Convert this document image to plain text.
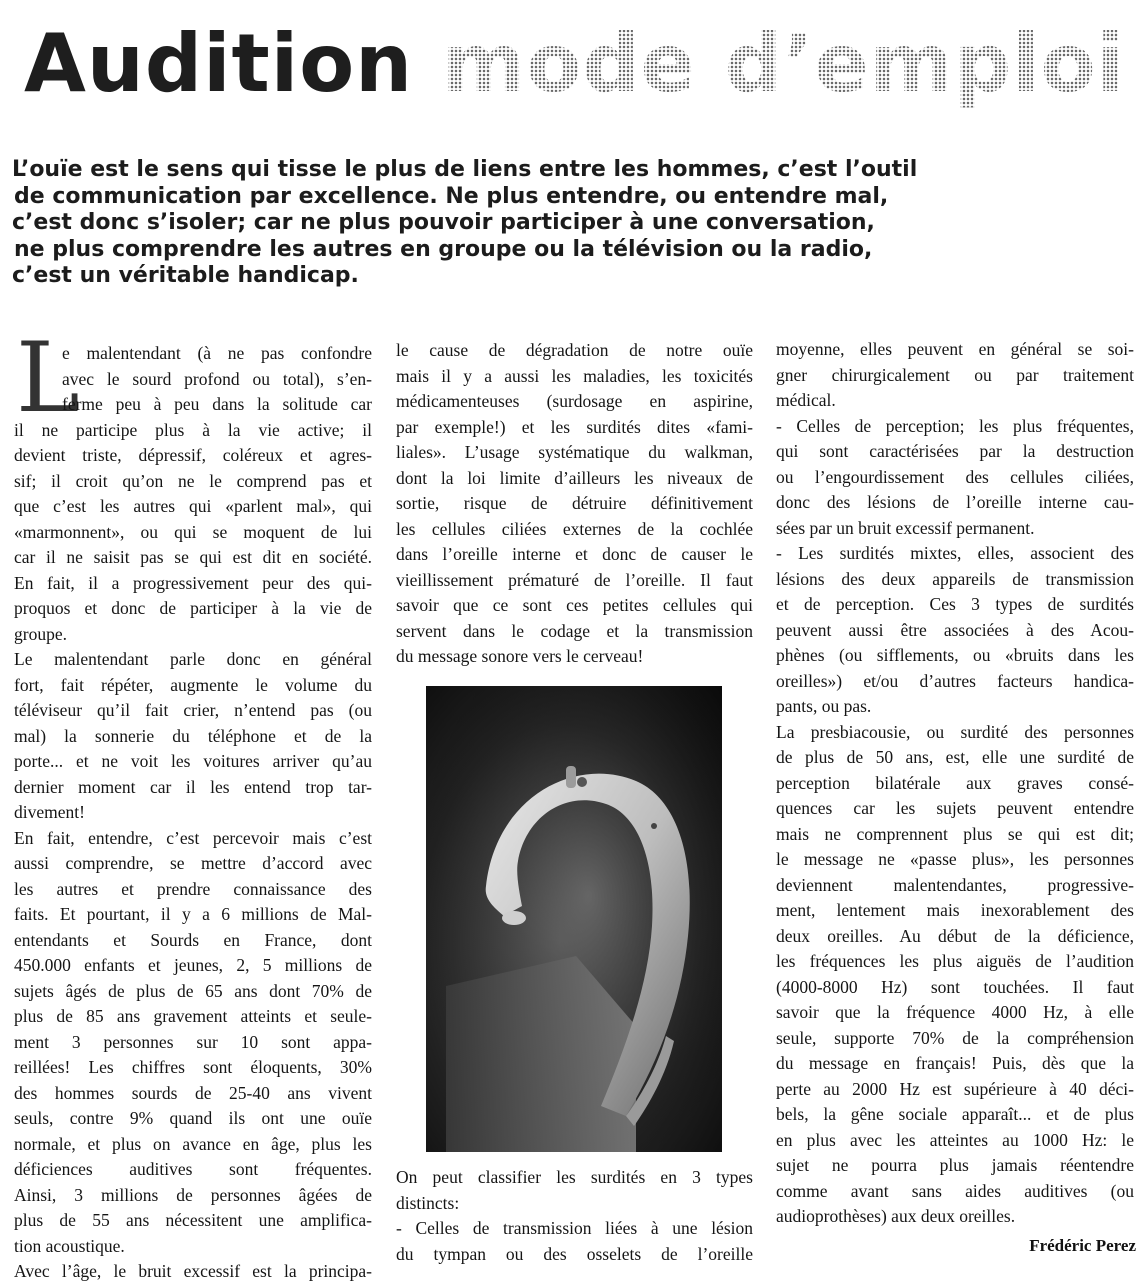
Audition mode d’emploi

L’ouïe est le sens qui tisse le plus de liens entre les hommes, c’est l’outil
de communication par excellence. Ne plus entendre, ou entendre mal,
c’est donc s’isoler; car ne plus pouvoir participer à une conversation,
ne plus comprendre les autres en groupe ou la télévision ou la radio,
c’est un véritable handicap.

L
e malentendant (à ne pas confondre
avec le sourd profond ou total), s’en-
ferme peu à peu dans la solitude car
il ne participe plus à la vie active; il
devient triste, dépressif, coléreux et agres-
sif; il croit qu’on ne le comprend pas et
que c’est les autres qui «parlent mal», qui
«marmonnent», ou qui se moquent de lui
car il ne saisit pas se qui est dit en société.
En fait, il a progressivement peur des qui-
proquos et donc de participer à la vie de
groupe.
Le malentendant parle donc en général
fort, fait répéter, augmente le volume du
téléviseur qu’il fait crier, n’entend pas (ou
mal) la sonnerie du téléphone et de la
porte... et ne voit les voitures arriver qu’au
dernier moment car il les entend trop tar-
divement!
En fait, entendre, c’est percevoir mais c’est
aussi comprendre, se mettre d’accord avec
les autres et prendre connaissance des
faits. Et pourtant, il y a 6 millions de Mal-
entendants et Sourds en France, dont
450.000 enfants et jeunes, 2, 5 millions de
sujets âgés de plus de 65 ans dont 70% de
plus de 85 ans gravement atteints et seule-
ment 3 personnes sur 10 sont appa-
reillées! Les chiffres sont éloquents, 30%
des hommes sourds de 25-40 ans vivent
seuls, contre 9% quand ils ont une ouïe
normale, et plus on avance en âge, plus les
déficiences auditives sont fréquentes.
Ainsi, 3 millions de personnes âgées de
plus de 55 ans nécessitent une amplifica-
tion acoustique.
Avec l’âge, le bruit excessif est la principa-
le cause de dégradation de notre ouïe
mais il y a aussi les maladies, les toxicités
médicamenteuses (surdosage en aspirine,
par exemple!) et les surdités dites «fami-
liales». L’usage systématique du walkman,
dont la loi limite d’ailleurs les niveaux de
sortie, risque de détruire définitivement
les cellules ciliées externes de la cochlée
dans l’oreille interne et donc de causer le
vieillissement prématuré de l’oreille. Il faut
savoir que ce sont ces petites cellules qui
servent dans le codage et la transmission
du message sonore vers le cerveau!
On peut classifier les surdités en 3 types
distincts:
- Celles de transmission liées à une lésion
du tympan ou des osselets de l’oreille
moyenne, elles peuvent en général se soi-
gner chirurgicalement ou par traitement
médical.
- Celles de perception; les plus fréquentes,
qui sont caractérisées par la destruction
ou l’engourdissement des cellules ciliées,
donc des lésions de l’oreille interne cau-
sées par un bruit excessif permanent.
- Les surdités mixtes, elles, associent des
lésions des deux appareils de transmission
et de perception. Ces 3 types de surdités
peuvent aussi être associées à des Acou-
phènes (ou sifflements, ou «bruits dans les
oreilles») et/ou d’autres facteurs handica-
pants, ou pas.
La presbiacousie, ou surdité des personnes
de plus de 50 ans, est, elle une surdité de
perception bilatérale aux graves consé-
quences car les sujets peuvent entendre
mais ne comprennent plus se qui est dit;
le message ne «passe plus», les personnes
deviennent malentendantes, progressive-
ment, lentement mais inexorablement des
deux oreilles. Au début de la déficience,
les fréquences les plus aiguës de l’audition
(4000-8000 Hz) sont touchées. Il faut
savoir que la fréquence 4000 Hz, à elle
seule, supporte 70% de la compréhension
du message en français! Puis, dès que la
perte au 2000 Hz est supérieure à 40 déci-
bels, la gêne sociale apparaît... et de plus
en plus avec les atteintes au 1000 Hz: le
sujet ne pourra plus jamais réentendre
comme avant sans aides auditives (ou
audioprothèses) aux deux oreilles.
Frédéric Perez
